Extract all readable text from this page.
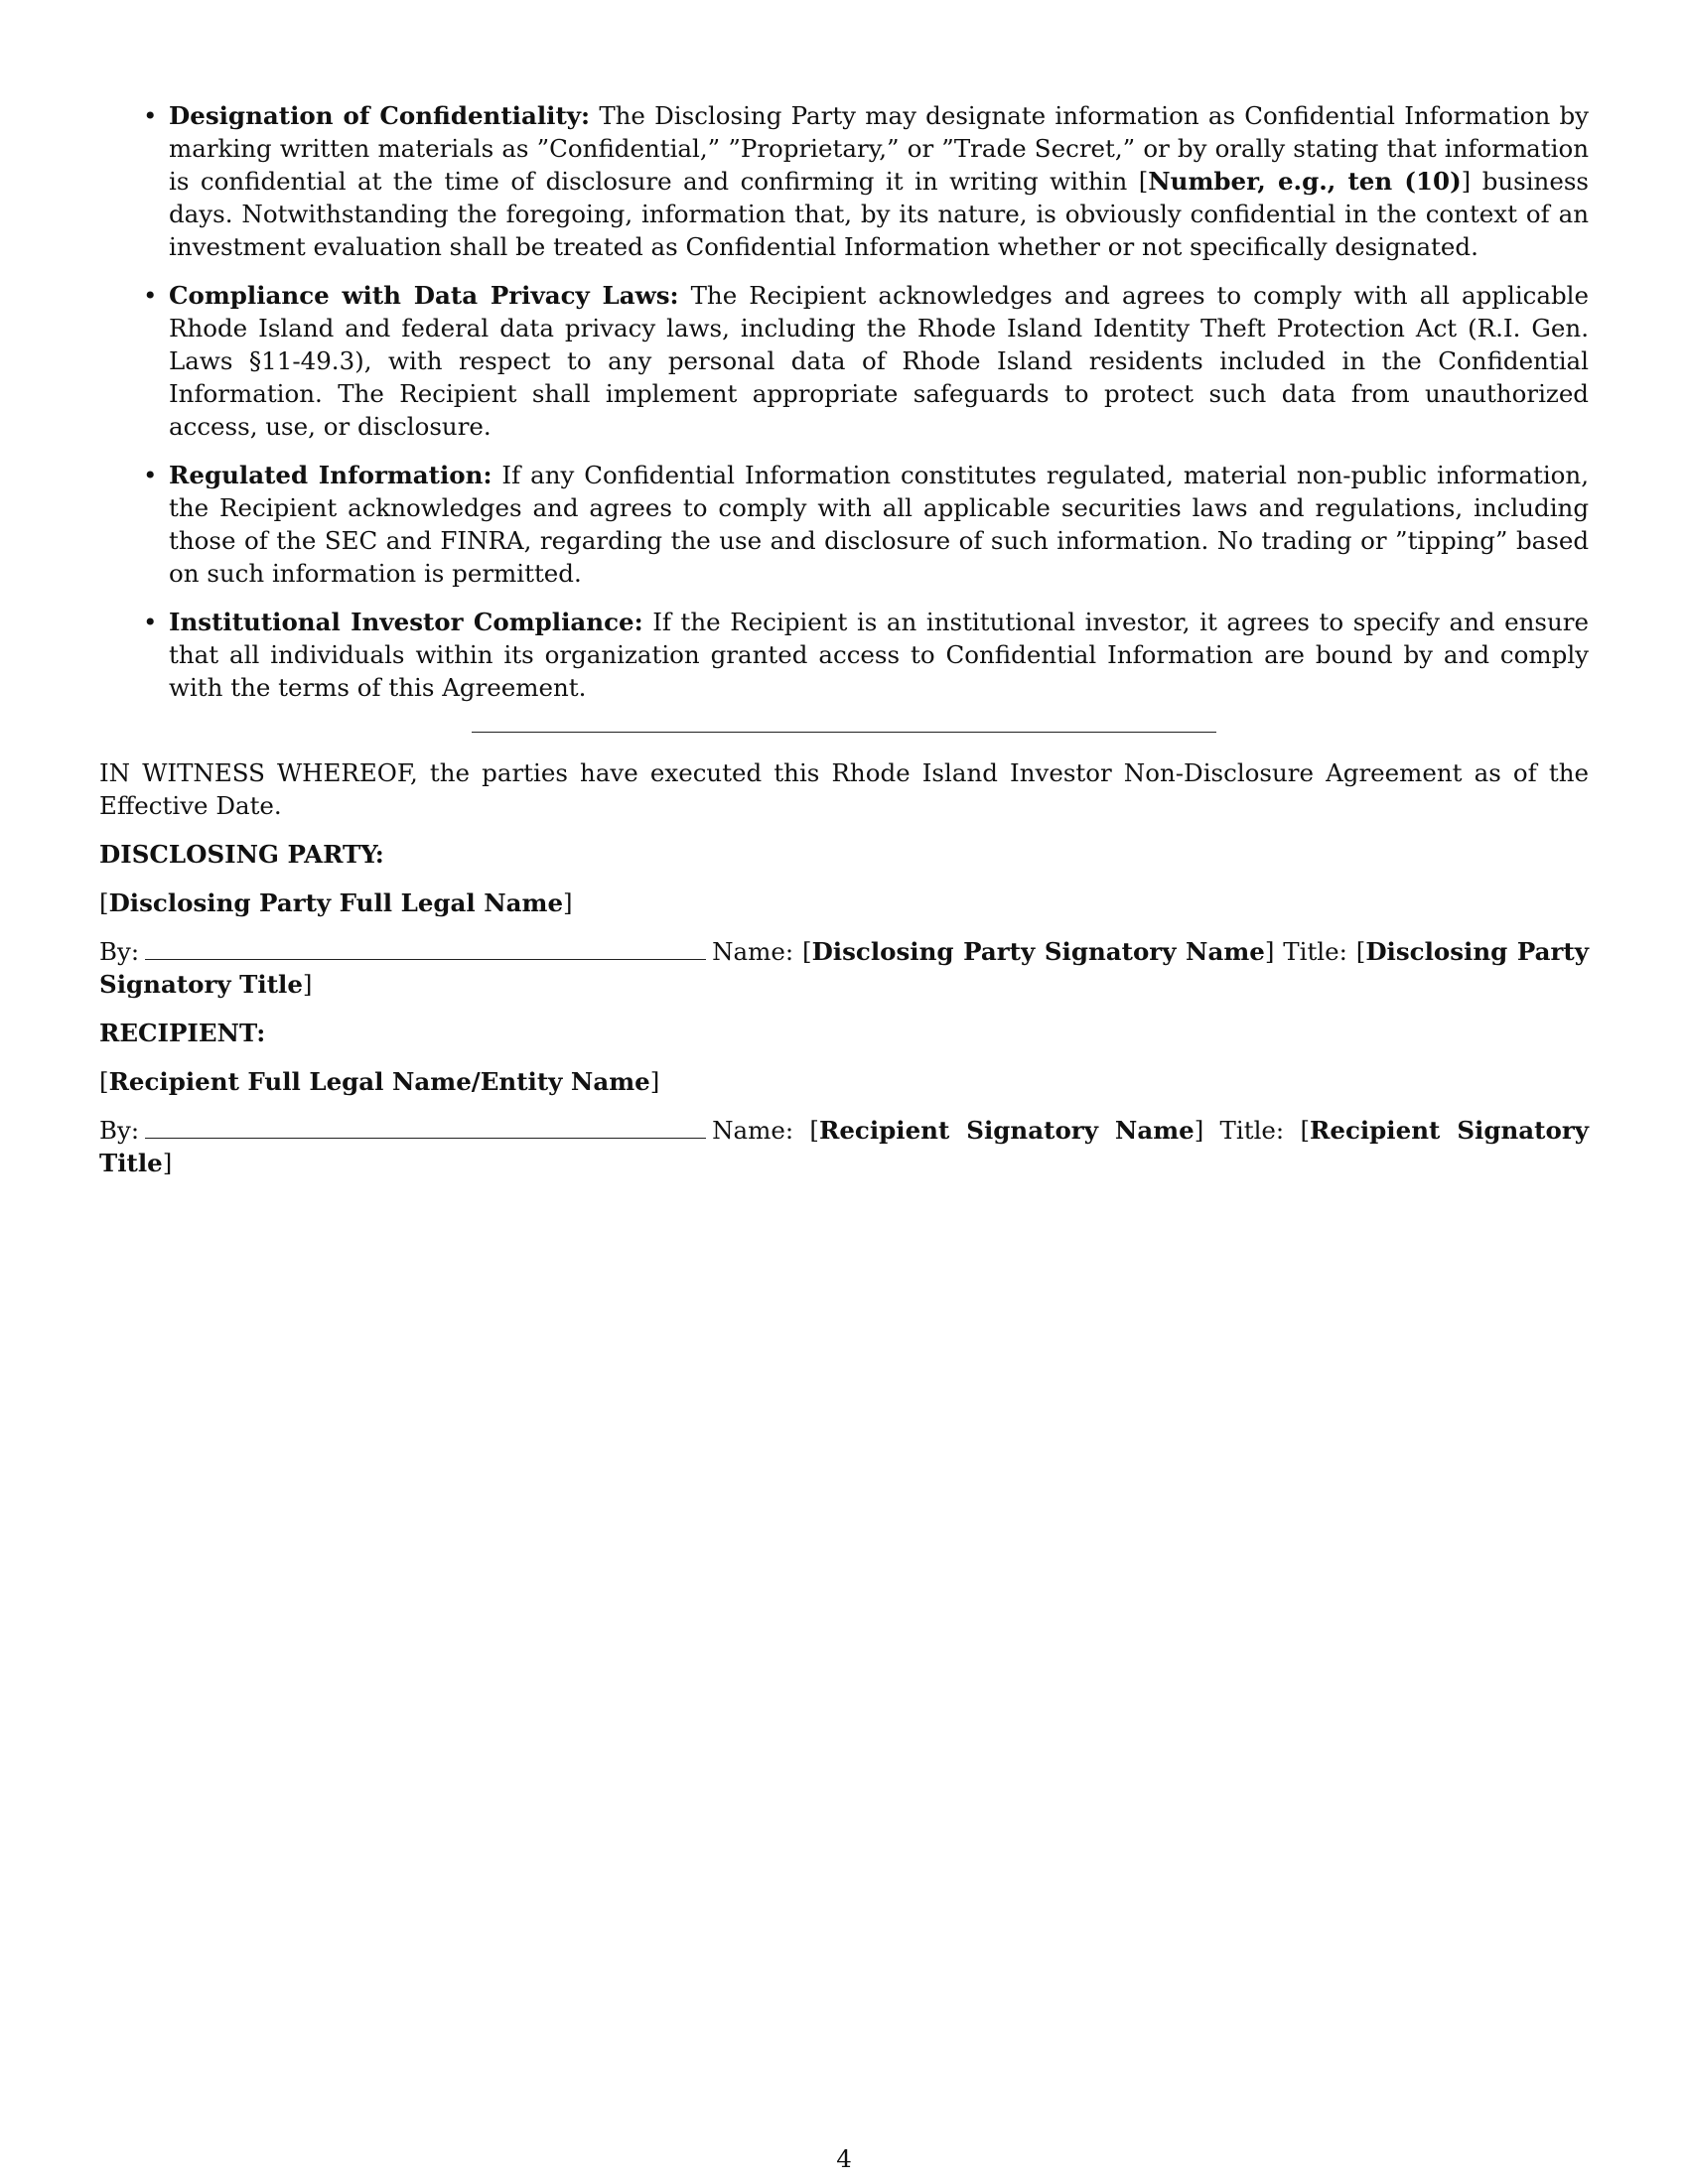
• Designation of Confidentiality: The Disclosing Party may designate information as Confidential Information by marking written materials as ”Confidential,” ”Proprietary,” or ”Trade Secret,” or by orally stating that information is confidential at the time of disclosure and confirming it in writing within [Number, e.g., ten (10)] business days. Notwithstanding the foregoing, information that, by its nature, is obviously confidential in the context of an investment evaluation shall be treated as Confidential Information whether or not specifically designated.
• Compliance with Data Privacy Laws: The Recipient acknowledges and agrees to comply with all applicable Rhode Island and federal data privacy laws, including the Rhode Island Identity Theft Protection Act (R.I. Gen. Laws §11-49.3), with respect to any personal data of Rhode Island residents included in the Confidential Information. The Recipient shall implement appropriate safeguards to protect such data from unauthorized access, use, or disclosure.
• Regulated Information: If any Confidential Information constitutes regulated, material non-public information, the Recipient acknowledges and agrees to comply with all applicable securities laws and regulations, including those of the SEC and FINRA, regarding the use and disclosure of such information. No trading or ”tipping” based on such information is permitted.
• Institutional Investor Compliance: If the Recipient is an institutional investor, it agrees to specify and ensure that all individuals within its organization granted access to Confidential Information are bound by and comply with the terms of this Agreement.

IN WITNESS WHEREOF, the parties have executed this Rhode Island Investor Non-Disclosure Agreement as of the Effective Date.

DISCLOSING PARTY:

[Disclosing Party Full Legal Name]

By:	Name: [Disclosing Party Signatory Name] Title: [Disclosing Party Signatory Title]

RECIPIENT:

[Recipient Full Legal Name/Entity Name]

By:	Name: [Recipient Signatory Name] Title: [Recipient Signatory Title]

4
